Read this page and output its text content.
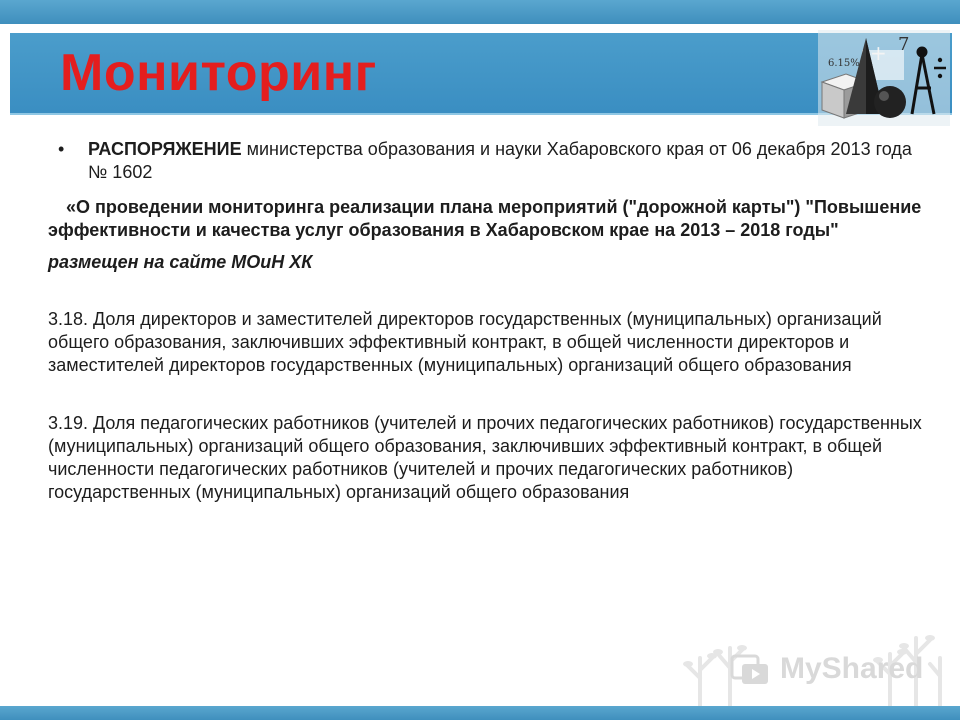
Мониторинг	6.15%
7
+
•	РАСПОРЯЖЕНИЕ министерства образования и науки Хабаровского края от 06 декабря 2013 года № 1602
«О проведении мониторинга реализации плана мероприятий ("дорожной карты") "Повышение эффективности и качества услуг образования в Хабаровском крае на 2013 – 2018 годы"
размещен на сайте МОиН ХК
3.18. Доля директоров и заместителей директоров государственных (муниципальных) организаций общего образования, заключивших эффективный контракт, в общей численности директоров и заместителей директоров государственных (муниципальных) организаций общего образования
3.19. Доля педагогических работников (учителей и прочих педагогических работников) государственных (муниципальных) организаций общего образования, заключивших эффективный контракт, в общей численности педагогических работников (учителей и прочих педагогических работников) государственных (муниципальных) организаций общего образования
MyShared
